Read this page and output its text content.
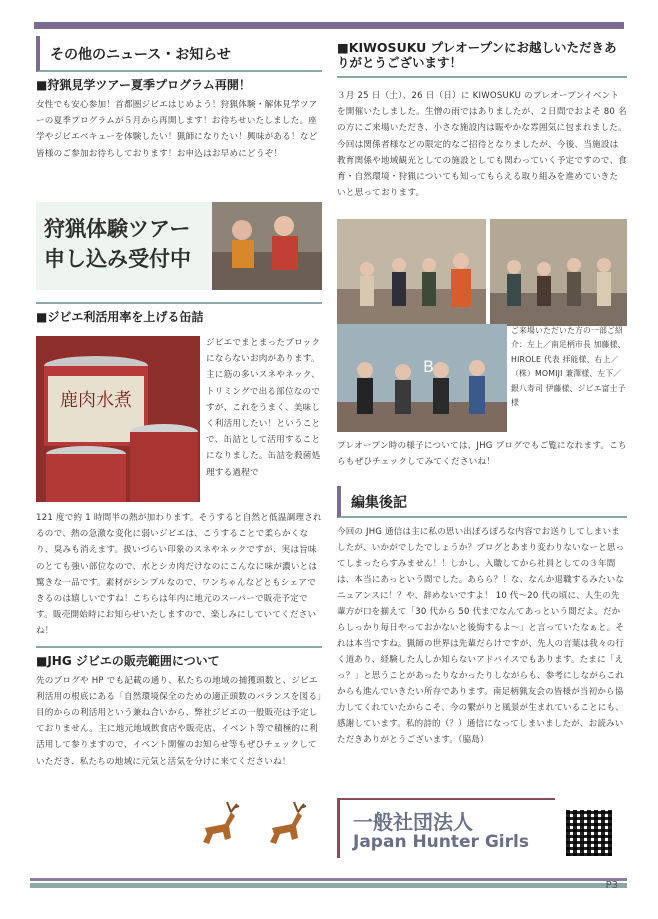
その他のニュース・お知らせ
■狩猟見学ツアー夏季プログラム再開！
女性でも安心参加！首都圏ジビエはじめよう！狩猟体験・解体見学ツアーの夏季プログラムが５月から再開します！お待ちせいたしました。座学やジビエベキューを体験したい！猟師になりたい！興味がある！など皆様のご参加お待ちしております！お申込はお早めにどうぞ！
狩猟体験ツアー
申し込み受付中
■ジビエ利活用率を上げる缶詰
鹿肉水煮
ジビエでまとまったブロックにならないお肉があります。主に筋の多いスネやネック、トリミングで出る部位なのですが、これをうまく、美味しく利活用したい！ということで、缶詰として活用することになりました。缶詰を殺菌処理する過程で
121 度で約 1 時間半の熱が加わります。そうすると自然と低温調理されるので、熱の急激な変化に弱いジビエは、こうすることで柔らかくなり、臭みも消えます。扱いづらい印象のスネやネックですが、実は旨味のとても強い部位なので、水とシカ肉だけなのにこんなに味が濃いとは驚きな一品です。素材がシンプルなので、ワンちゃんなどともシェアできるのは嬉しいですね！こちらは年内に地元のスーパーで販売予定です。販売開始時にお知らせいたしますので、楽しみにしていてくださいね！
■JHG ジビエの販売範囲について
先のブログや HP でも記載の通り、私たちの地域の捕獲頭数と、ジビエ利活用の根底にある「自然環境保全のための適正頭数のバランスを図る」目的からの利活用という兼ね合いから、弊社ジビエの一般販売は予定しておりません。主に地元地域飲食店や販売店、イベント等で積極的に利活用して参りますので、イベント開催のお知らせ等もぜひチェックしていただき、私たちの地域に元気と活気を分けに来てくださいね！
■KIWOSUKU プレオープンにお越しいただきありがとうございます！
３月 25 日（土）、26 日（日）に KIWOSUKU のプレオープンイベントを開催いたしました。生憎の雨ではありましたが、２日間でおよそ 80 名の方にご来場いただき、小さな施設内は賑やかな雰囲気に包まれました。今回は関係者様などの限定的なご招待となりましたが、今後、当施設は教育関係や地域観光としての施設としても関わっていく予定ですので、食育・自然環境・狩猟についても知ってもらえる取り組みを進めていきたいと思っております。
B
ご来場いただいた方の一部ご紹介：左上／南足柄市長 加藤様、HIROLE 代表 拝能様、右上／（株）MOMIJI 兼澤様、左下／銀八寿司 伊藤様、ジビエ富士子様
プレオープン時の様子については、JHG ブログでもご覧になれます。こちらもぜひチェックしてみてくださいね！
編集後記
今回の JHG 通信は主に私の思い出ぽろぽろな内容でお送りしてしまいましたが、いかがでしたでしょうか？ブログとあまり変わりないなーと思ってしまったらすみません！！しかし、入職してから社員としての３年間は、本当にあっという間でした。あらら？！な、なんか退職するみたいなニュアンスに！？や、辞めないですよ！ 10 代～20 代の頃に、人生の先輩方が口を揃えて「30 代から 50 代までなんてあっという間だよ。だからしっかり毎日やっておかないと後悔するよ～」と言っていたなぁと。それは本当ですね。猟師の世界は先輩だらけですが、先人の言葉は我々の行く道あり、経験した人しか知らないアドバイスでもあります。たまに「えっ？」と思うことがあったりなかったりしながらも、参考にしながらこれからも進んでいきたい所存であります。南足柄猟友会の皆様が当初から協力してくれていたからこそ、今の繋がりと風景が生まれていることにも、感謝しています。私的詩的（？）通信になってしまいましたが、お読みいただきありがとうございます。（脇島）
一般社団法人
Japan Hunter Girls
P3
